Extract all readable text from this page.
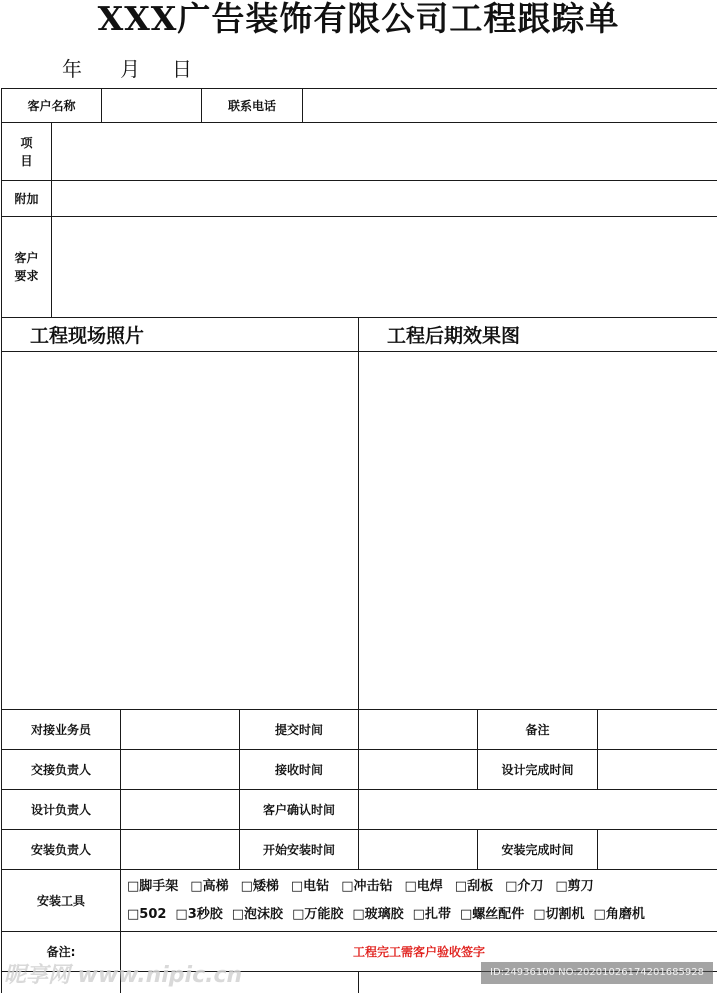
XXX广告装饰有限公司工程跟踪单
年 月 日
客户名称			联系电话	
项目				
附加				

客户
要求				

工程现场照片	工程后期效果图

对接业务员		提交时间		备注	
交接负责人		接收时间		设计完成时间	
设计负责人		客户确认时间			
安装负责人		开始安装时间		安装完成时间	
安装工具	□脚手架 □高梯 □矮梯 □电钻 □冲击钻 □电焊 □刮板 □介刀 □剪刀
□502 □3秒胶 □泡沫胶 □万能胶 □玻璃胶 □扎带 □螺丝配件 □切割机 □角磨机				

备注:	工程完工需客户验收签字				

昵享网 www.nipic.cn	ID:24936100 NO:20201026174201685928
